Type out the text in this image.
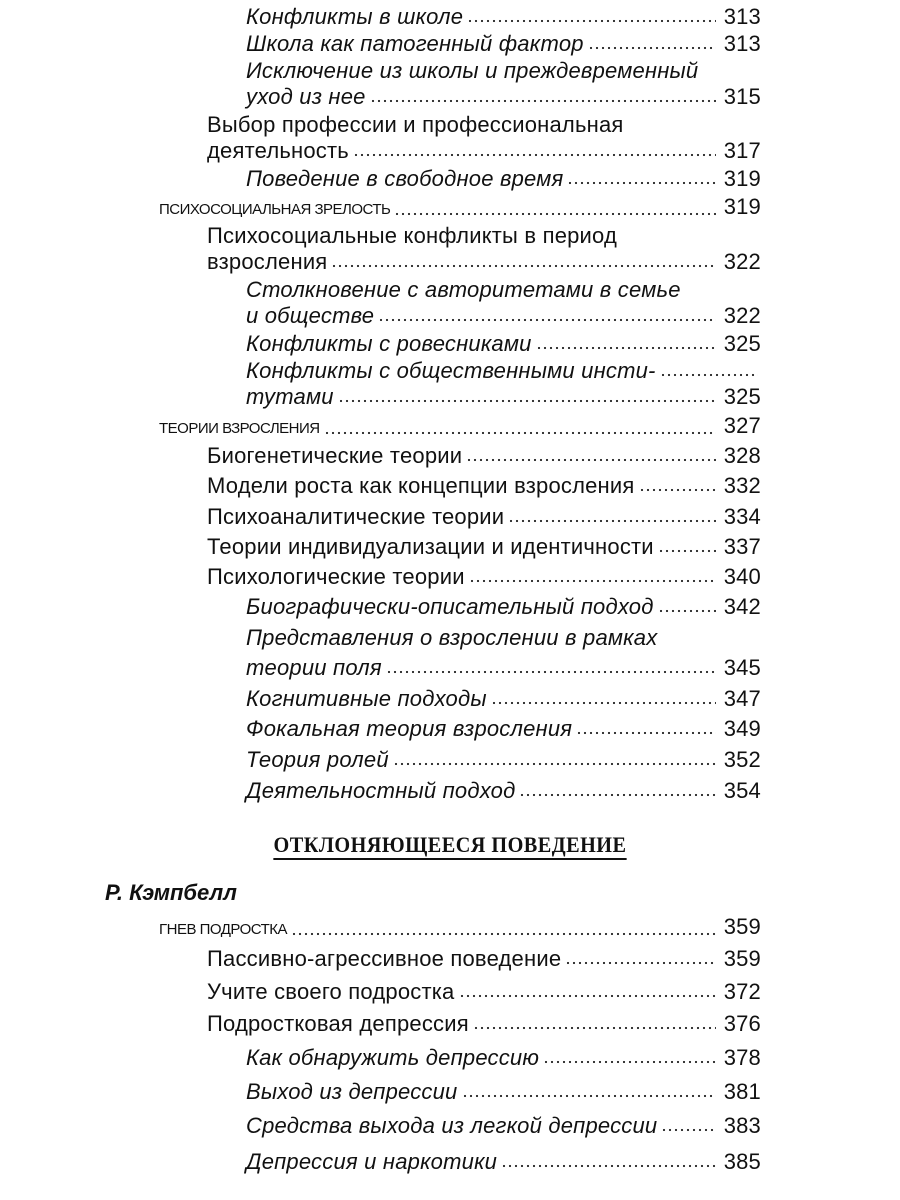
Конфликты в школе	313
Школа как патогенный фактор	313
Исключение из школы и преждевременный
уход из нее	315
Выбор профессии и профессиональная
деятельность	317
Поведение в свободное время	319
ПСИХОСОЦИАЛЬНАЯ ЗРЕЛОСТЬ	319
Психосоциальные конфликты в период
взросления	322
Столкновение с авторитетами в семье
и обществе	322
Конфликты с ровесниками	325
Конфликты с общественными инсти-
тутами	325
ТЕОРИИ ВЗРОСЛЕНИЯ	327
Биогенетические теории	328
Модели роста как концепции взросления	332
Психоаналитические теории	334
Теории индивидуализации и идентичности	337
Психологические теории	340
Биографически-описательный подход	342
Представления о взрослении в рамках
теории поля	345
Когнитивные подходы	347
Фокальная теория взросления	349
Теория ролей	352
Деятельностный подход	354
ОТКЛОНЯЮЩЕЕСЯ ПОВЕДЕНИЕ
Р. Кэмпбелл
ГНЕВ ПОДРОСТКА	359
Пассивно-агрессивное поведение	359
Учите своего подростка	372
Подростковая депрессия	376
Как обнаружить депрессию	378
Выход из депрессии	381
Средства выхода из легкой депрессии	383
Депрессия и наркотики	385
